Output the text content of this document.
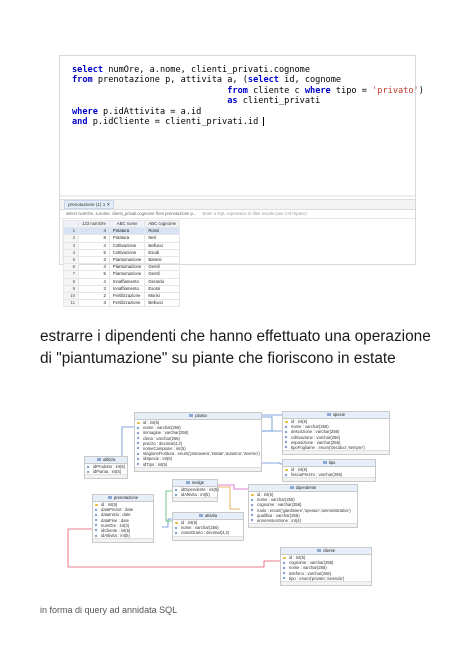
select numOre, a.nome, clienti_privati.cognome
from prenotazione p, attivita a, (select id, cognome
from cliente c where tipo = 'privato')
as clienti_privati
where p.idAttivita = a.id
and p.idCliente = clienti_privati.id
prenotazione (1) 1 ✕
select numOre, a.nome, clienti_privati.cognome from prenotazione p... Enter a SQL expression to filter results (use Ctrl+Space)
	123 numOre	ABC nome	ABC cognome
1	4	Potatura	Rossi
2	8	Potatura	Neri
3	4	Coltivazione	Bellucci
4	5	Coltivazione	Esodi
5	3	Piantumazione	Banesi
6	4	Piantumazione	Gentil
7	5	Piantumazione	Gentil
8	4	Innaffiamento	Gerardo
9	3	Innaffiamento	Esorsi
10	2	Fertilizzazione	Morisi
11	3	Fertilizzazione	Bellucci
estrarre i dipendenti che hanno effettuato una operazione di "piantumazione" su piante che fioriscono in estate
pianta
id : int(5)
nome : varchar(256)
immagine : varchar(256)
clima : varchar(256)
prezzo : decimal(4,2)
nomeCampione : int(5)
stagioneFioritura : enum('primavera','estate','autunno','inverno')
idSpecie : int(5)
idTipo : int(5)
specie
id : int(5)
nome : varchar(256)
descrizione : varchar(256)
coltivazione : varchar(256)
esposizione : varchar(256)
tipoFogliame : enum('deciduo','sempre')
tipo
id : int(5)
fasciaPrezzo : varchar(256)
utilizza
idProdotto : int(5)
idPianta : int(5)
svolge
idDipendente : int(5)
idAttivita : int(5)
dipendente
id : int(5)
nome : varchar(256)
cognome : varchar(256)
ruolo : enum('giardiniere','operaio','amministrativo')
qualifica : varchar(256)
annoAssunzione : int(4)
prenotazione
id : int(5)
dataPrenot : date
dataInizio : date
dataFine : date
numOre : int(3)
idCliente : int(5)
idAttivita : int(5)
attivita
id : int(5)
nome : varchar(256)
costoOrario : decimal(4,2)
cliente
id : int(5)
cognome : varchar(256)
nome : varchar(256)
telefono : varchar(256)
tipo : enum('privato','azienda')
in forma di query ad annidata SQL
